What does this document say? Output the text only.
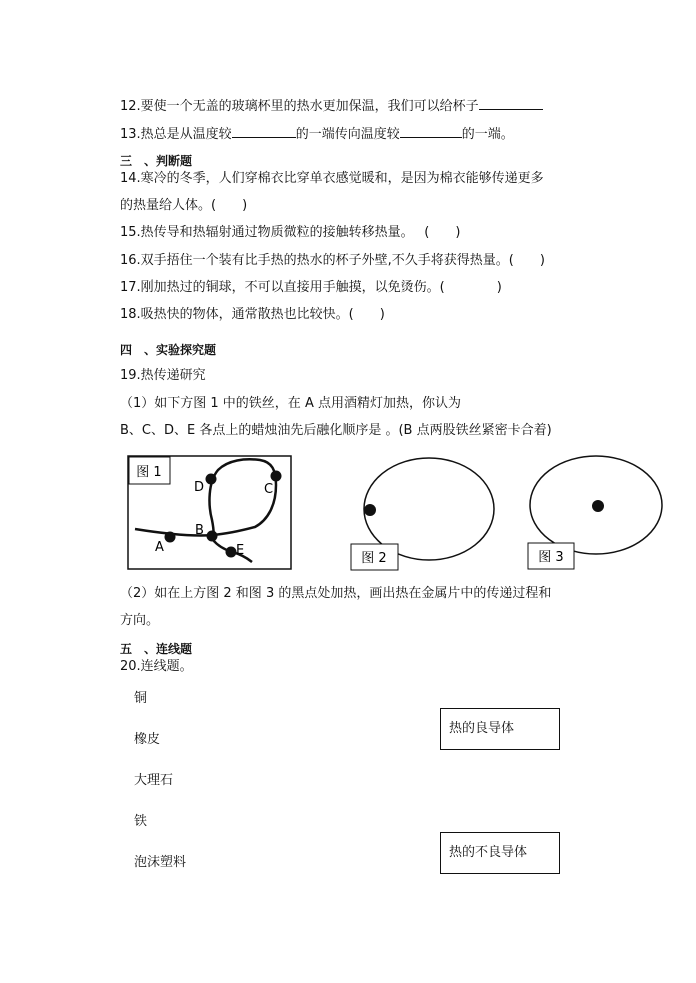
12.要使一个无盖的玻璃杯里的热水更加保温，我们可以给杯子
13.热总是从温度较	的一端传向温度较	的一端。
三　、判断题
14.寒冷的冬季，人们穿棉衣比穿单衣感觉暖和，是因为棉衣能够传递更多
的热量给人体。(　　)
15.热传导和热辐射通过物质微粒的接触转移热量。　 (　　)
16.双手捂住一个装有比手热的热水的杯子外壁,不久手将获得热量。(　　)
17.刚加热过的铜球，不可以直接用手触摸，以免烫伤。(　　　　)
18.吸热快的物体，通常散热也比较快。(　　)
四　、实验探究题
19.热传递研究
（1）如下方图 1 中的铁丝，在 A 点用酒精灯加热，你认为
B、C、D、E 各点上的蜡烛油先后融化顺序是 。(B 点两股铁丝紧密卡合着)
图 1
A
B
C
D
E
图 2	图 3
（2）如在上方图 2 和图 3 的黑点处加热，画出热在金属片中的传递过程和
方向。
五　、连线题
20.连线题。
铜
橡皮
大理石
铁
泡沫塑料
热的良导体
热的不良导体
